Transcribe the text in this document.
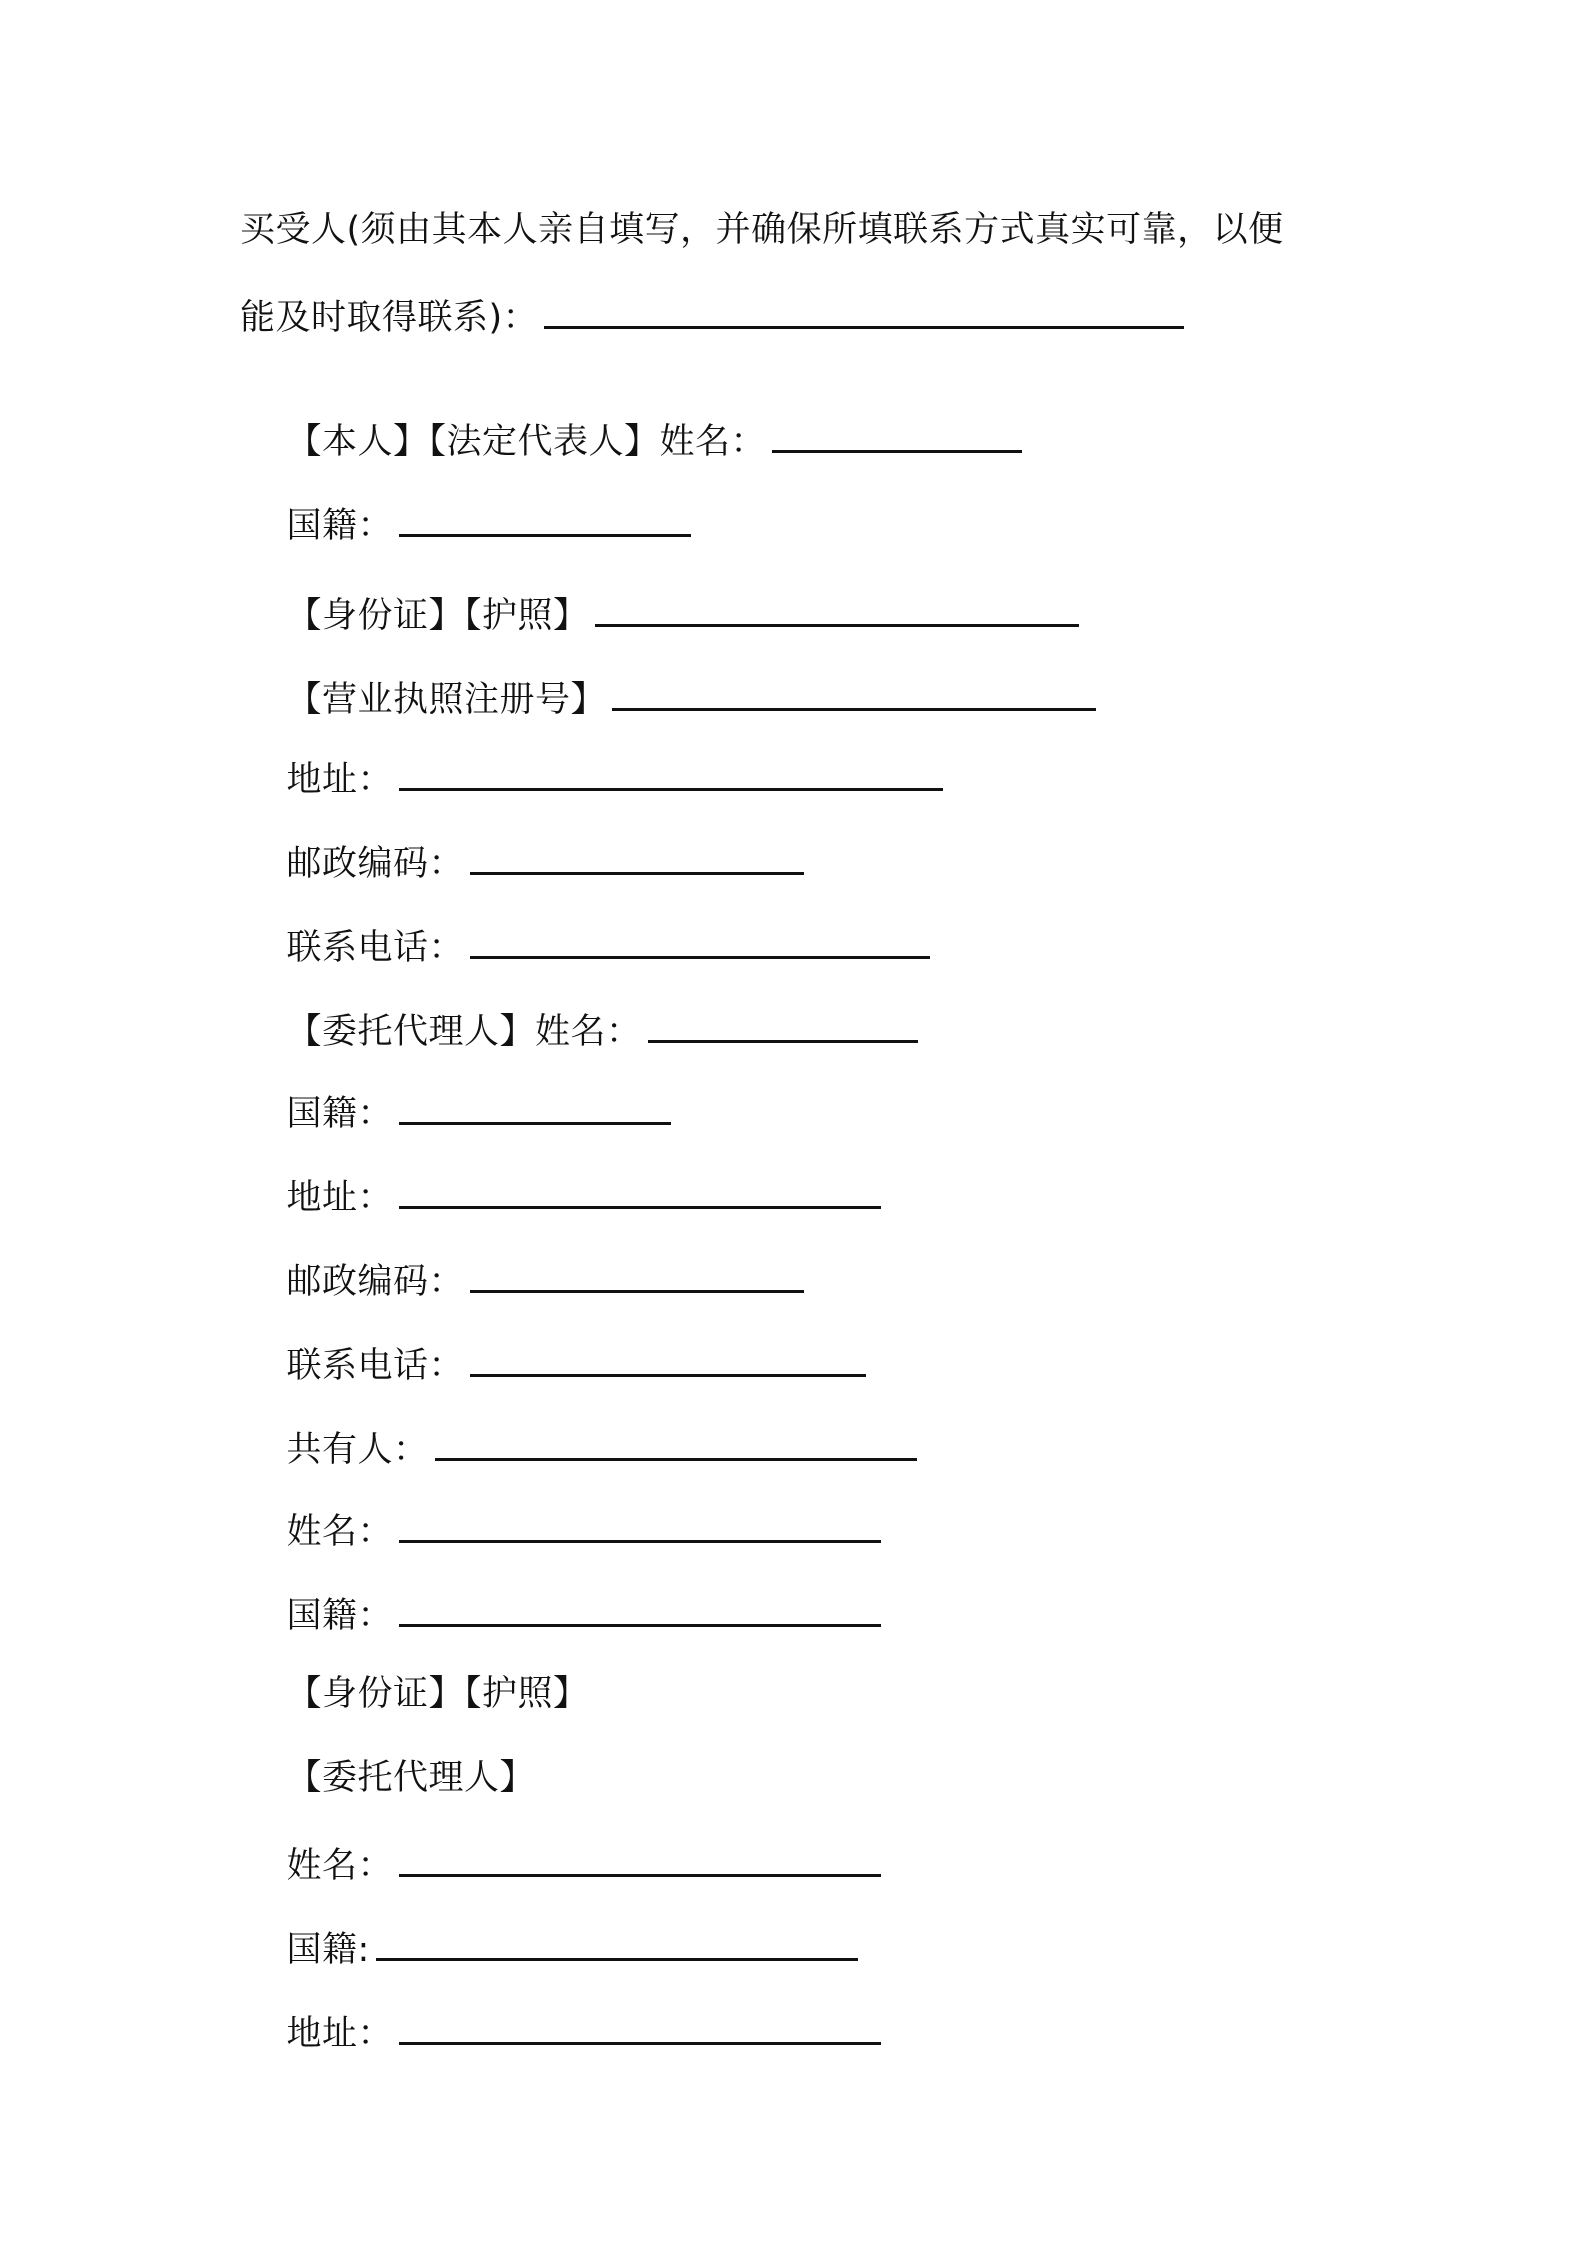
买受人(须由其本人亲自填写，并确保所填联系方式真实可靠，以便
能及时取得联系)：

【本人】【法定代表人】姓名：

国籍：

【身份证】【护照】

【营业执照注册号】

地址：

邮政编码：

联系电话：

【委托代理人】姓名：

国籍：

地址：

邮政编码：

联系电话：

共有人：

姓名：

国籍：

【身份证】【护照】

【委托代理人】

姓名：

国籍:

地址：
